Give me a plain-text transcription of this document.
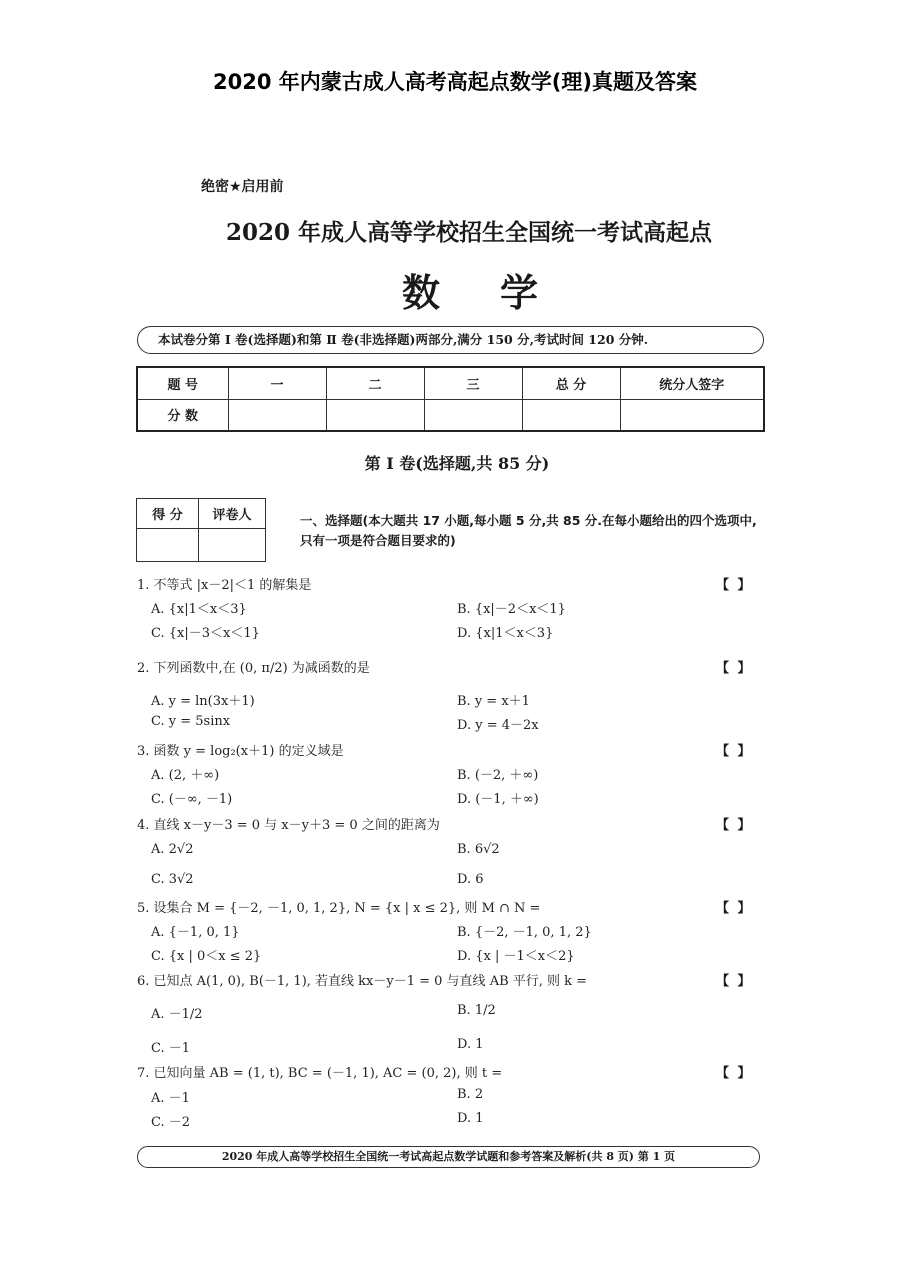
2020 年内蒙古成人高考高起点数学(理)真题及答案
绝密★启用前
2020 年成人高等学校招生全国统一考试高起点
数学
本试卷分第 Ⅰ 卷(选择题)和第 Ⅱ 卷(非选择题)两部分,满分 150 分,考试时间 120 分钟.
题 号	一	二	三	总 分	统分人签字
分 数					
第 Ⅰ 卷(选择题,共 85 分)
得 分	评卷人
		一、选择题(本大题共 17 小题,每小题 5 分,共 85 分.在每小题给出的四个选项中,只有一项是符合题目要求的)
1. 不等式 |x－2|＜1 的解集是	【 】
A. {x|1＜x＜3}	B. {x|－2＜x＜1}
C. {x|－3＜x＜1}	D. {x|1＜x＜3}
2. 下列函数中,在 (0, π/2) 为减函数的是	【 】
A. y = ln(3x＋1)	B. y = x＋1
C. y = 5sinx	D. y = 4－2x
3. 函数 y = log₂(x＋1) 的定义域是	【 】
A. (2, ＋∞)	B. (－2, ＋∞)
C. (－∞, －1)	D. (－1, ＋∞)
4. 直线 x－y－3 = 0 与 x－y＋3 = 0 之间的距离为	【 】
A. 2√2	B. 6√2
C. 3√2	D. 6
5. 设集合 M = {－2, －1, 0, 1, 2}, N = {x | x ≤ 2}, 则 M ∩ N =	【 】
A. {－1, 0, 1}	B. {－2, －1, 0, 1, 2}
C. {x | 0＜x ≤ 2}	D. {x | －1＜x＜2}
6. 已知点 A(1, 0), B(－1, 1), 若直线 kx－y－1 = 0 与直线 AB 平行, 则 k =	【 】
A. －1/2	B. 1/2
C. －1	D. 1
7. 已知向量 AB = (1, t), BC = (－1, 1), AC = (0, 2), 则 t =	【 】
A. －1	B. 2
C. －2	D. 1
2020 年成人高等学校招生全国统一考试高起点数学试题和参考答案及解析(共 8 页) 第 1 页
